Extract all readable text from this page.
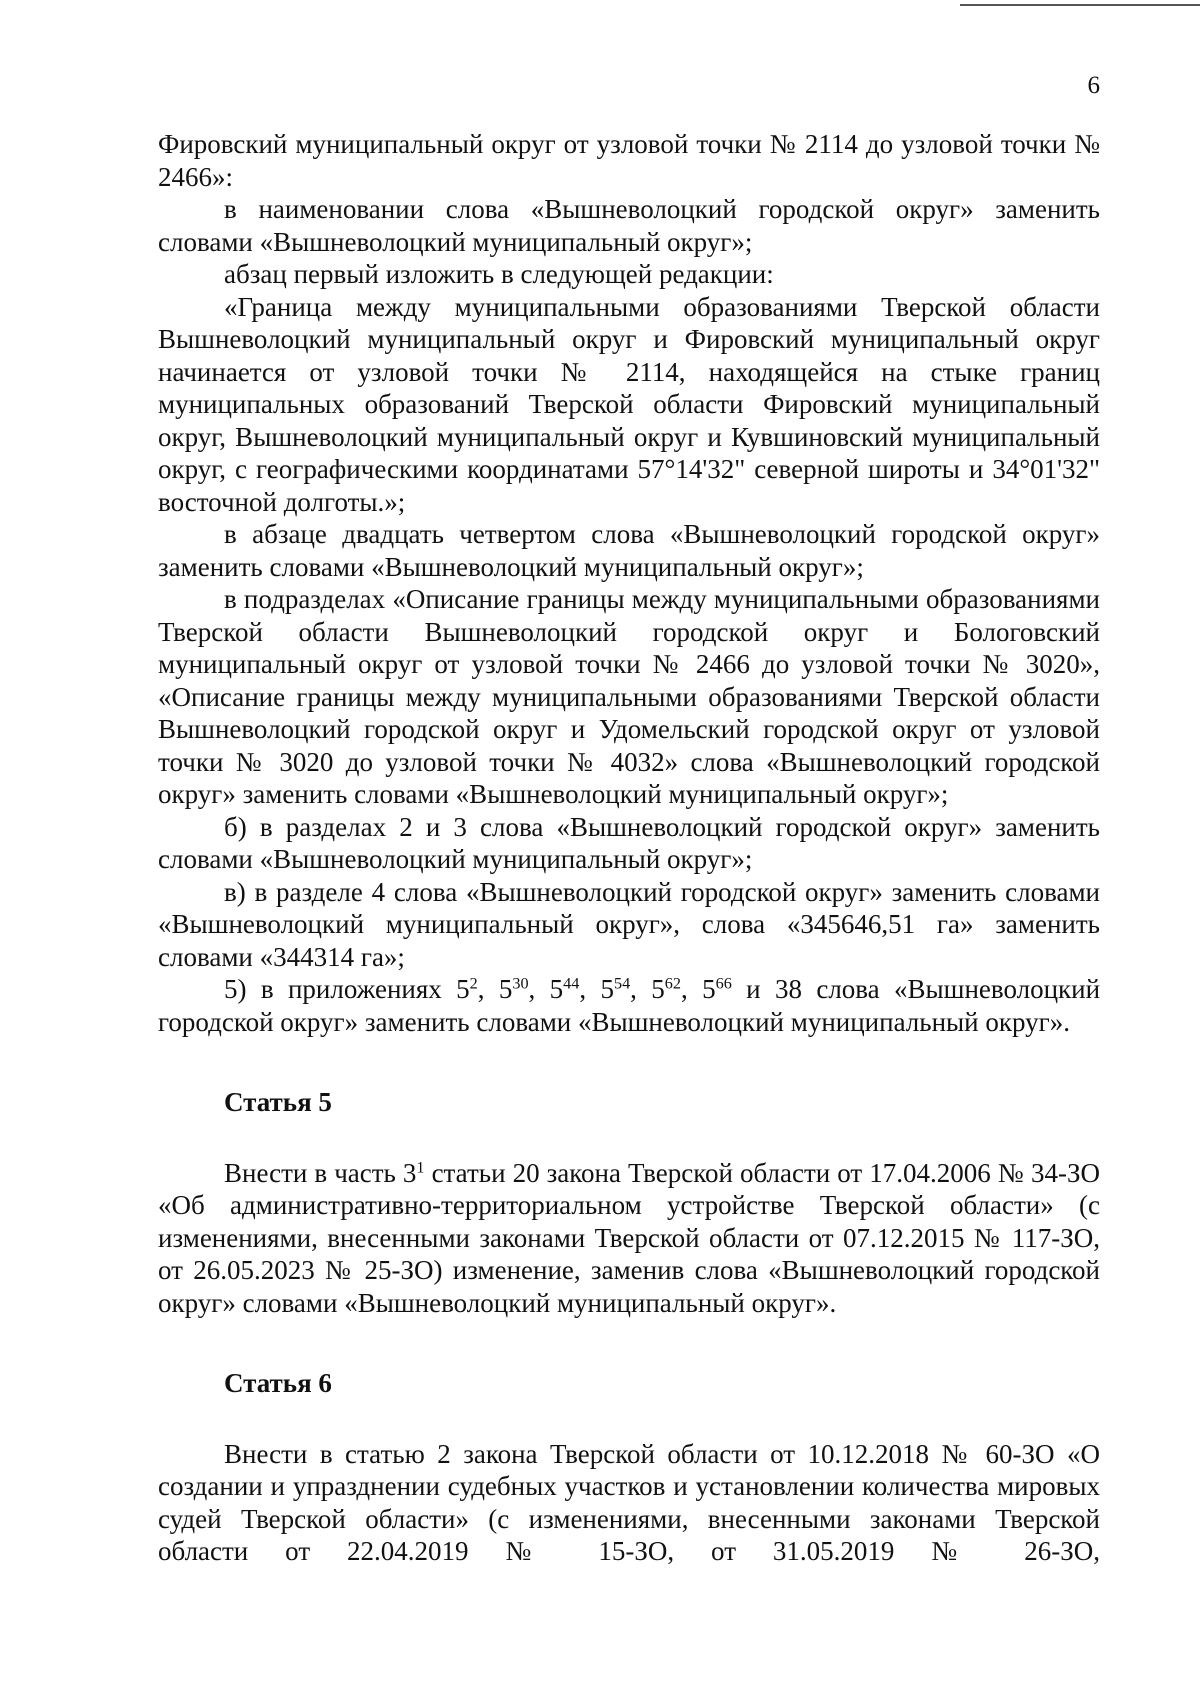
6

Фировский муниципальный округ от узловой точки № 2114 до узловой точки № 2466»:

в наименовании слова «Вышневолоцкий городской округ» заменить словами «Вышневолоцкий муниципальный округ»;

абзац первый изложить в следующей редакции:

«Граница между муниципальными образованиями Тверской области Вышневолоцкий муниципальный округ и Фировский муниципальный округ начинается от узловой точки № 2114, находящейся на стыке границ муниципальных образований Тверской области Фировский муниципальный округ, Вышневолоцкий муниципальный округ и Кувшиновский муниципальный округ, с географическими координатами 57°14'32" северной широты и 34°01'32" восточной долготы.»;

в абзаце двадцать четвертом слова «Вышневолоцкий городской округ» заменить словами «Вышневолоцкий муниципальный округ»;

в подразделах «Описание границы между муниципальными образованиями Тверской области Вышневолоцкий городской округ и Бологовский муниципальный округ от узловой точки № 2466 до узловой точки № 3020», «Описание границы между муниципальными образованиями Тверской области Вышневолоцкий городской округ и Удомельский городской округ от узловой точки № 3020 до узловой точки № 4032» слова «Вышневолоцкий городской округ» заменить словами «Вышневолоцкий муниципальный округ»;

б) в разделах 2 и 3 слова «Вышневолоцкий городской округ» заменить словами «Вышневолоцкий муниципальный округ»;

в) в разделе 4 слова «Вышневолоцкий городской округ» заменить словами «Вышневолоцкий муниципальный округ», слова «345646,51 га» заменить словами «344314 га»;

5) в приложениях $5^2$, $5^{30}$, $5^{44}$, $5^{54}$, $5^{62}$, $5^{66}$ и 38 слова «Вышневолоцкий городской округ» заменить словами «Вышневолоцкий муниципальный округ».

Статья 5

Внести в часть $3^1$ статьи 20 закона Тверской области от 17.04.2006 № 34-ЗО «Об административно-территориальном устройстве Тверской области» (с изменениями, внесенными законами Тверской области от 07.12.2015 № 117-ЗО, от 26.05.2023 № 25-ЗО) изменение, заменив слова «Вышневолоцкий городской округ» словами «Вышневолоцкий муниципальный округ».

Статья 6

Внести в статью 2 закона Тверской области от 10.12.2018 № 60-ЗО «О создании и упразднении судебных участков и установлении количества мировых судей Тверской области» (с изменениями, внесенными законами Тверской области от 22.04.2019 № 15-ЗО, от 31.05.2019 № 26-ЗО,
